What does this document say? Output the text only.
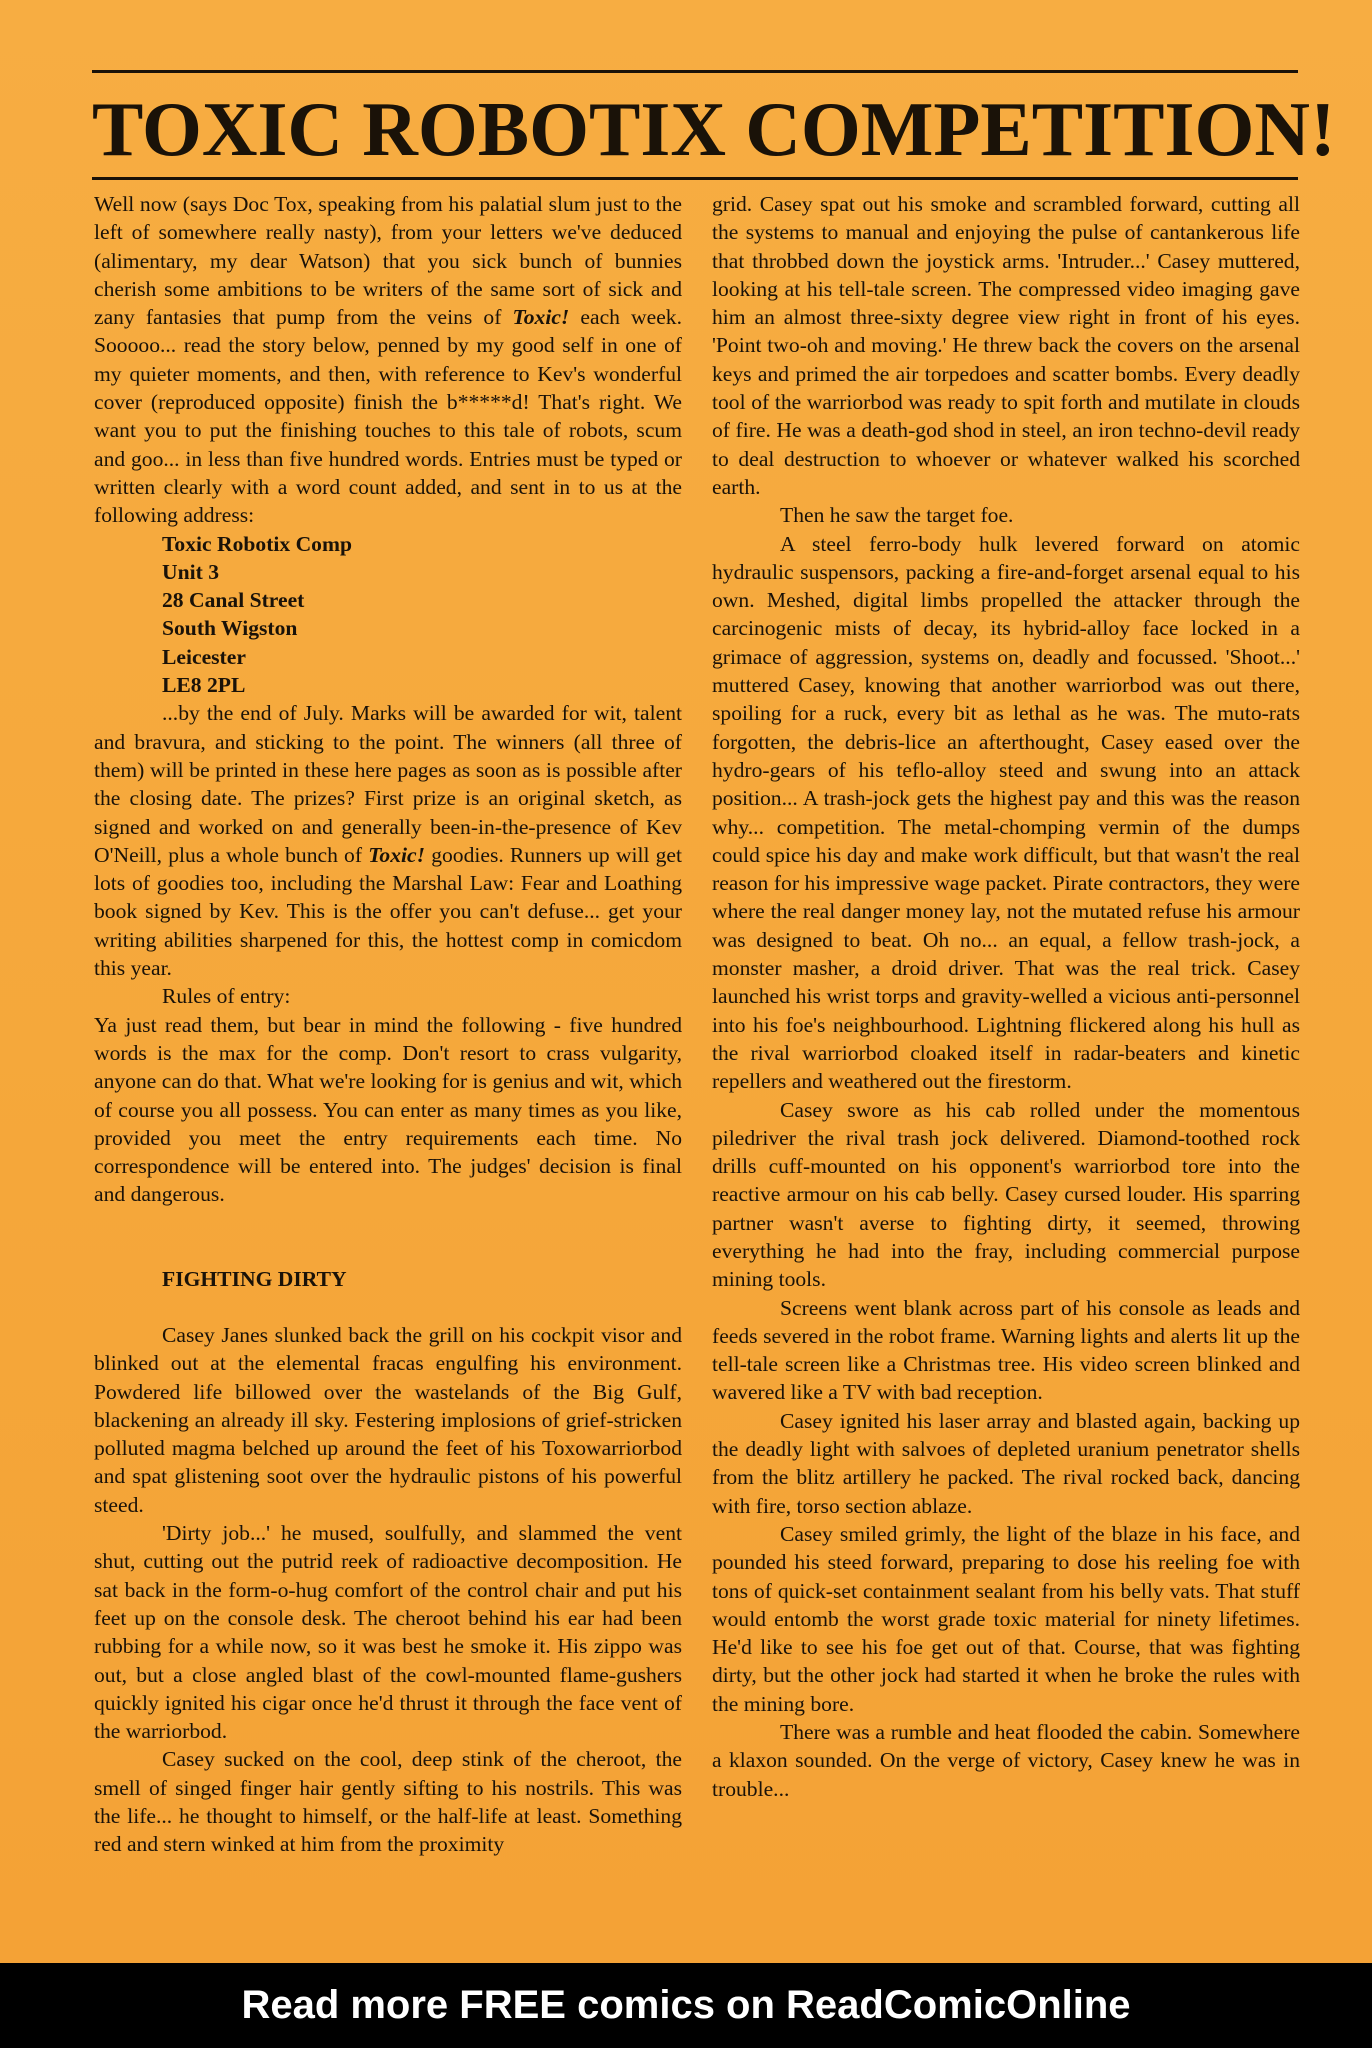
TOXIC ROBOTIX COMPETITION!

Well now (says Doc Tox, speaking from his palatial slum just to the left of somewhere really nasty), from your letters we've deduced (alimentary, my dear Watson) that you sick bunch of bunnies cherish some ambitions to be writers of the same sort of sick and zany fantasies that pump from the veins of Toxic! each week. Sooooo... read the story below, penned by my good self in one of my quieter moments, and then, with reference to Kev's wonderful cover (reproduced opposite) finish the b*****d! That's right. We want you to put the finishing touches to this tale of robots, scum and goo... in less than five hundred words. Entries must be typed or written clearly with a word count added, and sent in to us at the following address:

Toxic Robotix Comp
Unit 3
28 Canal Street
South Wigston
Leicester
LE8 2PL

...by the end of July. Marks will be awarded for wit, talent and bravura, and sticking to the point. The winners (all three of them) will be printed in these here pages as soon as is possible after the closing date. The prizes? First prize is an original sketch, as signed and worked on and generally been-in-the-presence of Kev O'Neill, plus a whole bunch of Toxic! goodies. Runners up will get lots of goodies too, including the Marshal Law: Fear and Loathing book signed by Kev. This is the offer you can't defuse... get your writing abilities sharpened for this, the hottest comp in comicdom this year.

Rules of entry:

Ya just read them, but bear in mind the following - five hundred words is the max for the comp. Don't resort to crass vulgarity, anyone can do that. What we're looking for is genius and wit, which of course you all possess. You can enter as many times as you like, provided you meet the entry requirements each time. No correspondence will be entered into. The judges' decision is final and dangerous.

FIGHTING DIRTY

Casey Janes slunked back the grill on his cockpit visor and blinked out at the elemental fracas engulfing his environment. Powdered life billowed over the wastelands of the Big Gulf, blackening an already ill sky. Festering implosions of grief-stricken polluted magma belched up around the feet of his Toxowarriorbod and spat glistening soot over the hydraulic pistons of his powerful steed.

'Dirty job...' he mused, soulfully, and slammed the vent shut, cutting out the putrid reek of radioactive decomposition. He sat back in the form-o-hug comfort of the control chair and put his feet up on the console desk. The cheroot behind his ear had been rubbing for a while now, so it was best he smoke it. His zippo was out, but a close angled blast of the cowl-mounted flame-gushers quickly ignited his cigar once he'd thrust it through the face vent of the warriorbod.

Casey sucked on the cool, deep stink of the cheroot, the smell of singed finger hair gently sifting to his nostrils. This was the life... he thought to himself, or the half-life at least. Something red and stern winked at him from the proximity

grid. Casey spat out his smoke and scrambled forward, cutting all the systems to manual and enjoying the pulse of cantankerous life that throbbed down the joystick arms. 'Intruder...' Casey muttered, looking at his tell-tale screen. The compressed video imaging gave him an almost three-sixty degree view right in front of his eyes. 'Point two-oh and moving.' He threw back the covers on the arsenal keys and primed the air torpedoes and scatter bombs. Every deadly tool of the warriorbod was ready to spit forth and mutilate in clouds of fire. He was a death-god shod in steel, an iron techno-devil ready to deal destruction to whoever or whatever walked his scorched earth.

Then he saw the target foe.

A steel ferro-body hulk levered forward on atomic hydraulic suspensors, packing a fire-and-forget arsenal equal to his own. Meshed, digital limbs propelled the attacker through the carcinogenic mists of decay, its hybrid-alloy face locked in a grimace of aggression, systems on, deadly and focussed. 'Shoot...' muttered Casey, knowing that another warriorbod was out there, spoiling for a ruck, every bit as lethal as he was. The muto-rats forgotten, the debris-lice an afterthought, Casey eased over the hydro-gears of his teflo-alloy steed and swung into an attack position... A trash-jock gets the highest pay and this was the reason why... competition. The metal-chomping vermin of the dumps could spice his day and make work difficult, but that wasn't the real reason for his impressive wage packet. Pirate contractors, they were where the real danger money lay, not the mutated refuse his armour was designed to beat. Oh no... an equal, a fellow trash-jock, a monster masher, a droid driver. That was the real trick. Casey launched his wrist torps and gravity-welled a vicious anti-personnel into his foe's neighbourhood. Lightning flickered along his hull as the rival warriorbod cloaked itself in radar-beaters and kinetic repellers and weathered out the firestorm.

Casey swore as his cab rolled under the momentous piledriver the rival trash jock delivered. Diamond-toothed rock drills cuff-mounted on his opponent's warriorbod tore into the reactive armour on his cab belly. Casey cursed louder. His sparring partner wasn't averse to fighting dirty, it seemed, throwing everything he had into the fray, including commercial purpose mining tools.

Screens went blank across part of his console as leads and feeds severed in the robot frame. Warning lights and alerts lit up the tell-tale screen like a Christmas tree. His video screen blinked and wavered like a TV with bad reception.

Casey ignited his laser array and blasted again, backing up the deadly light with salvoes of depleted uranium penetrator shells from the blitz artillery he packed. The rival rocked back, dancing with fire, torso section ablaze.

Casey smiled grimly, the light of the blaze in his face, and pounded his steed forward, preparing to dose his reeling foe with tons of quick-set containment sealant from his belly vats. That stuff would entomb the worst grade toxic material for ninety lifetimes. He'd like to see his foe get out of that. Course, that was fighting dirty, but the other jock had started it when he broke the rules with the mining bore.

There was a rumble and heat flooded the cabin. Somewhere a klaxon sounded. On the verge of victory, Casey knew he was in trouble...

Read more FREE comics on ReadComicOnline
